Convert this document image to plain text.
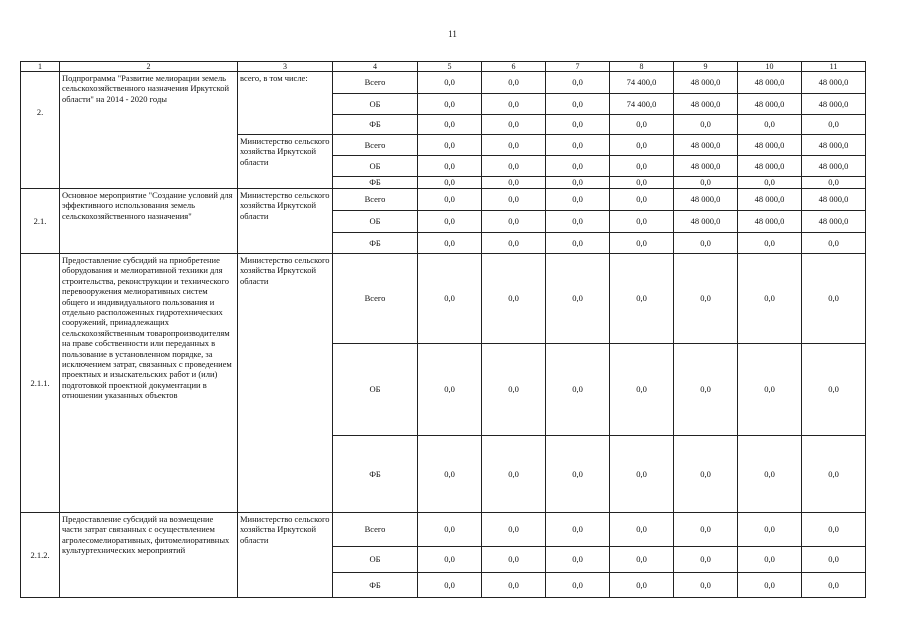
11
1	2	3	4	5	6	7	8	9	10	11
2.	Подпрограмма "Развитие мелиорации земель сельскохозяйственного назначения Иркутской области" на 2014 - 2020 годы	всего, в том числе:	Всего	0,0	0,0	0,0	74 400,0	48 000,0	48 000,0	48 000,0
			ОБ	0,0	0,0	0,0	74 400,0	48 000,0	48 000,0	48 000,0
			ФБ	0,0	0,0	0,0	0,0	0,0	0,0	0,0
		Министерство сельского хозяйства Иркутской области	Всего	0,0	0,0	0,0	0,0	48 000,0	48 000,0	48 000,0
			ОБ	0,0	0,0	0,0	0,0	48 000,0	48 000,0	48 000,0
			ФБ	0,0	0,0	0,0	0,0	0,0	0,0	0,0
2.1.	Основное мероприятие "Создание условий для эффективного использования земель сельскохозяйственного назначения"	Министерство сельского хозяйства Иркутской области	Всего	0,0	0,0	0,0	0,0	48 000,0	48 000,0	48 000,0
			ОБ	0,0	0,0	0,0	0,0	48 000,0	48 000,0	48 000,0
			ФБ	0,0	0,0	0,0	0,0	0,0	0,0	0,0
2.1.1.	Предоставление субсидий на приобретение оборудования и мелиоративной техники для строительства, реконструкции и технического перевооружения мелиоративных систем общего и индивидуального пользования и отдельно расположенных гидротехнических сооружений, принадлежащих сельскохозяйственным товаропроизводителям на праве собственности или переданных в пользование в установленном порядке, за исключением затрат, связанных с проведением проектных и изыскательских работ и (или) подготовкой проектной документации в отношении указанных объектов	Министерство сельского хозяйства Иркутской области	Всего	0,0	0,0	0,0	0,0	0,0	0,0	0,0
			ОБ	0,0	0,0	0,0	0,0	0,0	0,0	0,0
			ФБ	0,0	0,0	0,0	0,0	0,0	0,0	0,0
2.1.2.	Предоставление субсидий на возмещение части затрат связанных с осуществлением агролесомелиоративных, фитомелиоративных культуртехнических мероприятий	Министерство сельского хозяйства Иркутской области	Всего	0,0	0,0	0,0	0,0	0,0	0,0	0,0
			ОБ	0,0	0,0	0,0	0,0	0,0	0,0	0,0
			ФБ	0,0	0,0	0,0	0,0	0,0	0,0	0,0
